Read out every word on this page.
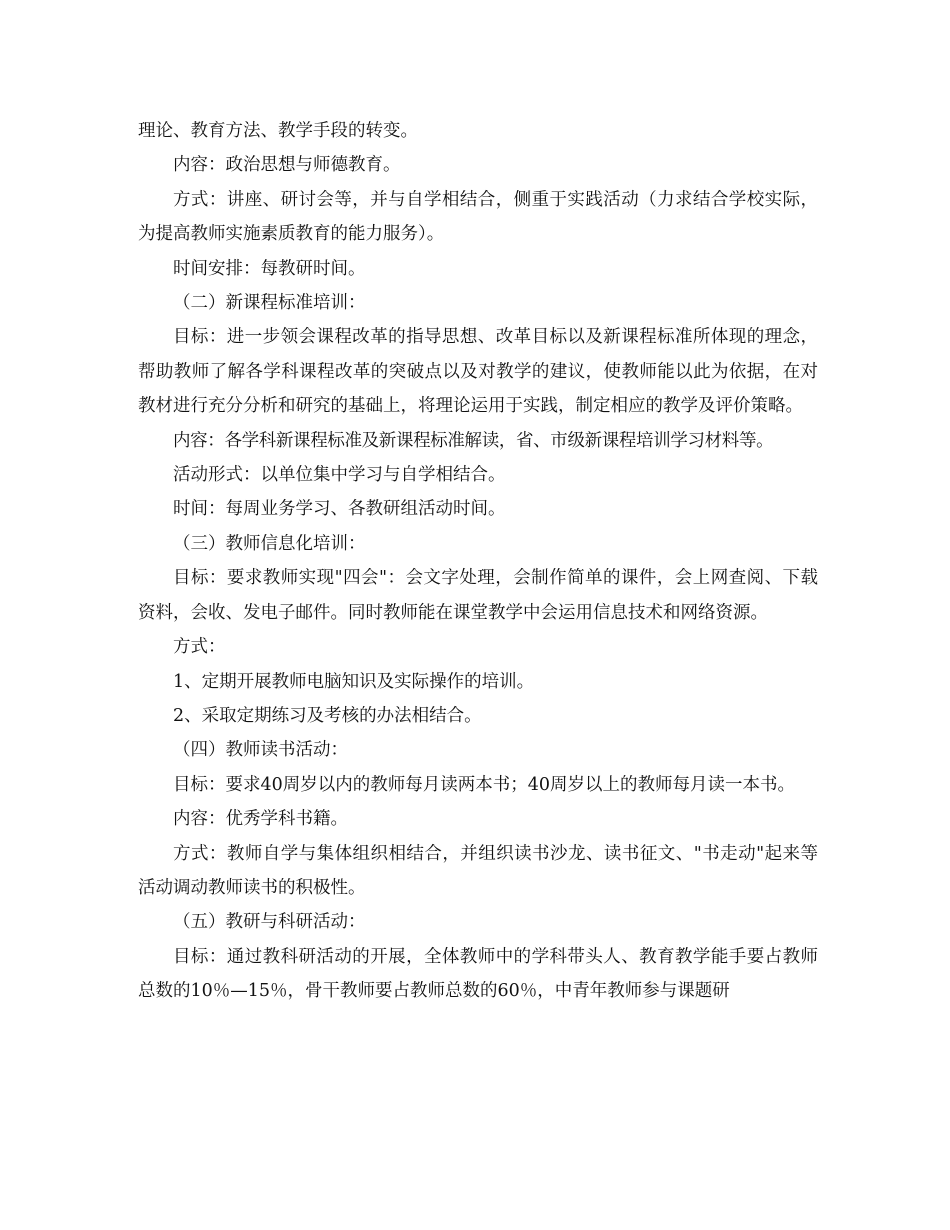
理论、教育方法、教学手段的转变。

内容：政治思想与师德教育。

方式：讲座、研讨会等，并与自学相结合，侧重于实践活动（力求结合学校实际，为提高教师实施素质教育的能力服务）。

时间安排：每教研时间。

（二）新课程标准培训：

目标：进一步领会课程改革的指导思想、改革目标以及新课程标准所体现的理念，帮助教师了解各学科课程改革的突破点以及对教学的建议，使教师能以此为依据，在对教材进行充分分析和研究的基础上，将理论运用于实践，制定相应的教学及评价策略。

内容：各学科新课程标准及新课程标准解读，省、市级新课程培训学习材料等。

活动形式：以单位集中学习与自学相结合。

时间：每周业务学习、各教研组活动时间。

（三）教师信息化培训：

目标：要求教师实现"四会"：会文字处理，会制作简单的课件，会上网查阅、下载资料，会收、发电子邮件。同时教师能在课堂教学中会运用信息技术和网络资源。

方式：

1、定期开展教师电脑知识及实际操作的培训。

2、采取定期练习及考核的办法相结合。

（四）教师读书活动：

目标：要求40周岁以内的教师每月读两本书；40周岁以上的教师每月读一本书。

内容：优秀学科书籍。

方式：教师自学与集体组织相结合，并组织读书沙龙、读书征文、"书走动"起来等活动调动教师读书的积极性。

（五）教研与科研活动：

目标：通过教科研活动的开展，全体教师中的学科带头人、教育教学能手要占教师总数的10％—15％，骨干教师要占教师总数的60％，中青年教师参与课题研
